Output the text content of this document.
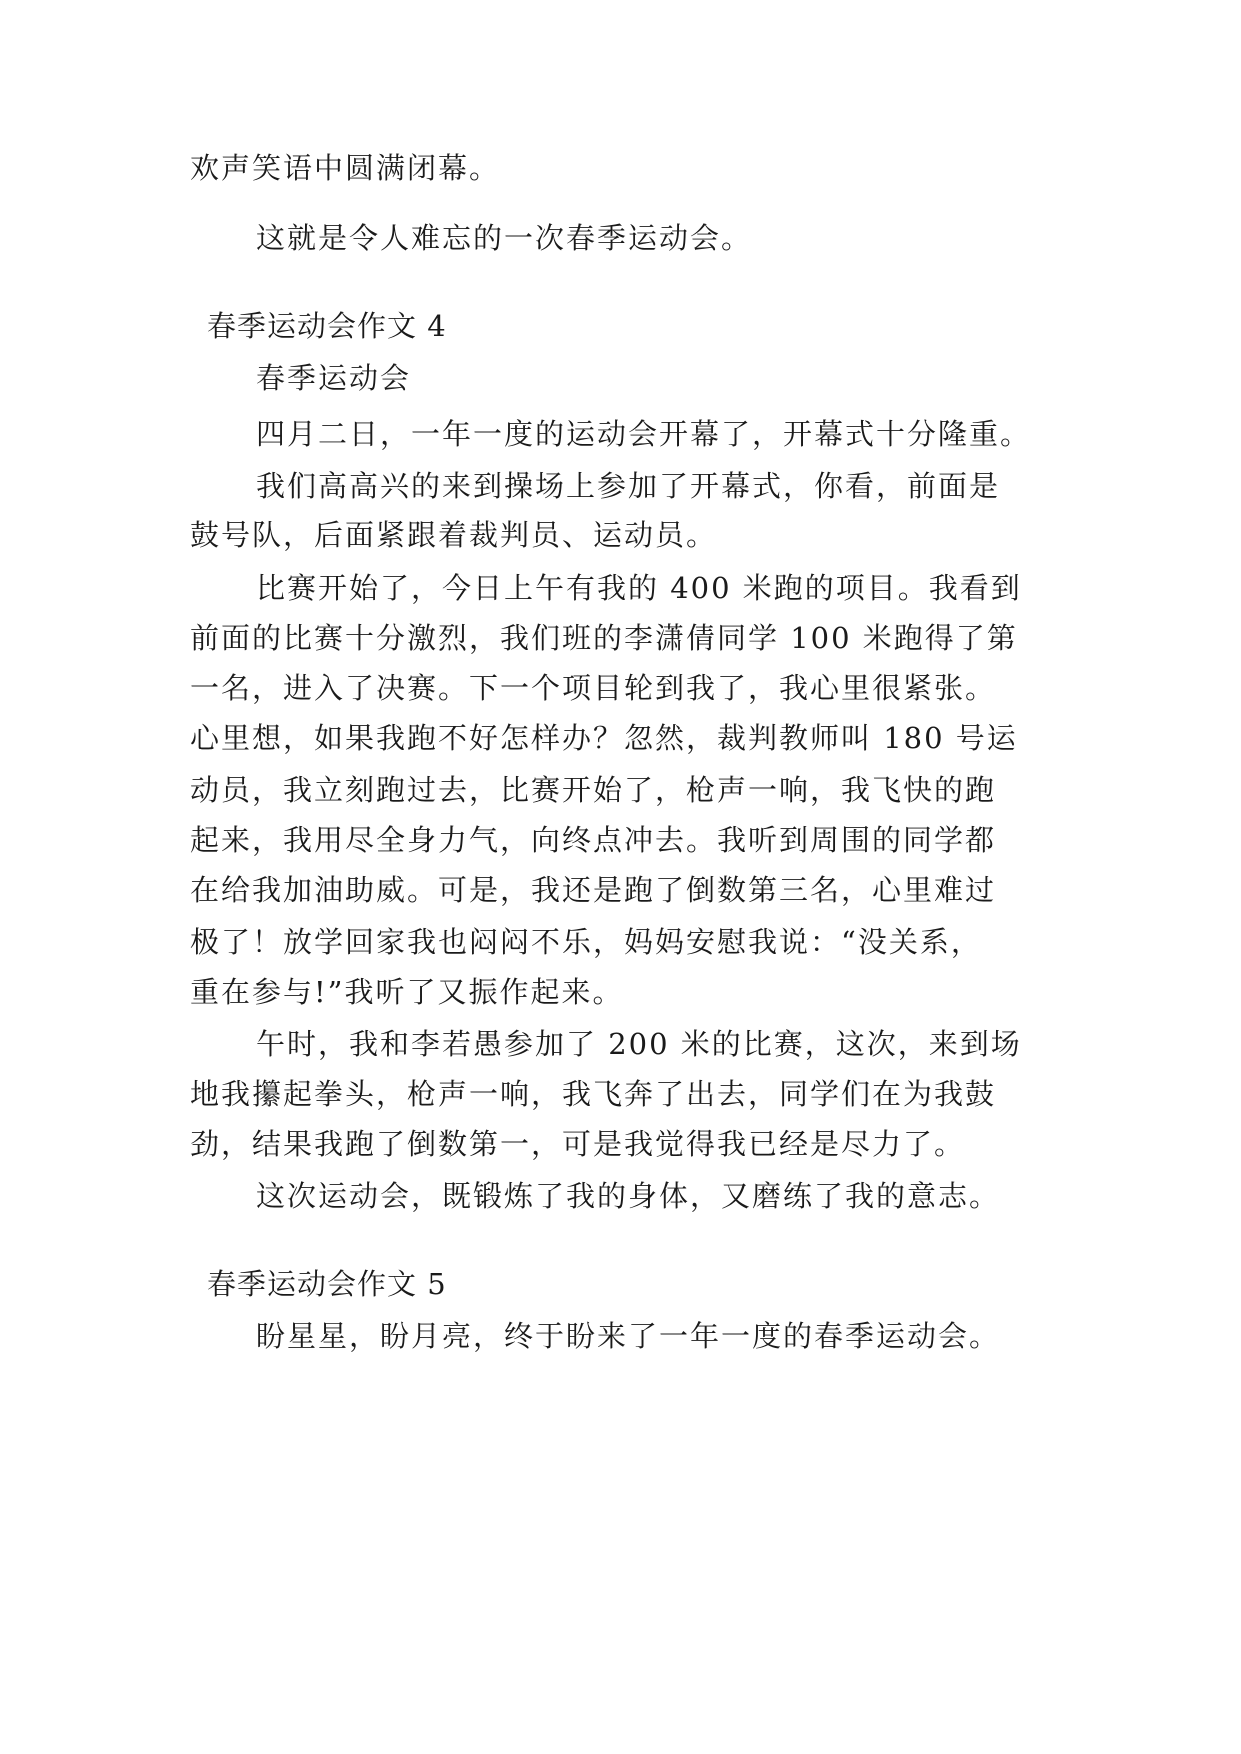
欢声笑语中圆满闭幕。
这就是令人难忘的一次春季运动会。
春季运动会作文 4
春季运动会
四月二日，一年一度的运动会开幕了，开幕式十分隆重。
我们高高兴的来到操场上参加了开幕式，你看，前面是
鼓号队，后面紧跟着裁判员、运动员。
比赛开始了，今日上午有我的 400 米跑的项目。我看到
前面的比赛十分激烈，我们班的李潇倩同学 100 米跑得了第
一名，进入了决赛。下一个项目轮到我了，我心里很紧张。
心里想，如果我跑不好怎样办？忽然，裁判教师叫 180 号运
动员，我立刻跑过去，比赛开始了，枪声一响，我飞快的跑
起来，我用尽全身力气，向终点冲去。我听到周围的同学都
在给我加油助威。可是，我还是跑了倒数第三名，心里难过
极了！放学回家我也闷闷不乐，妈妈安慰我说：“没关系，
重在参与!”我听了又振作起来。
午时，我和李若愚参加了 200 米的比赛，这次，来到场
地我攥起拳头，枪声一响，我飞奔了出去，同学们在为我鼓
劲，结果我跑了倒数第一，可是我觉得我已经是尽力了。
这次运动会，既锻炼了我的身体，又磨练了我的意志。
春季运动会作文 5
盼星星，盼月亮，终于盼来了一年一度的春季运动会。
